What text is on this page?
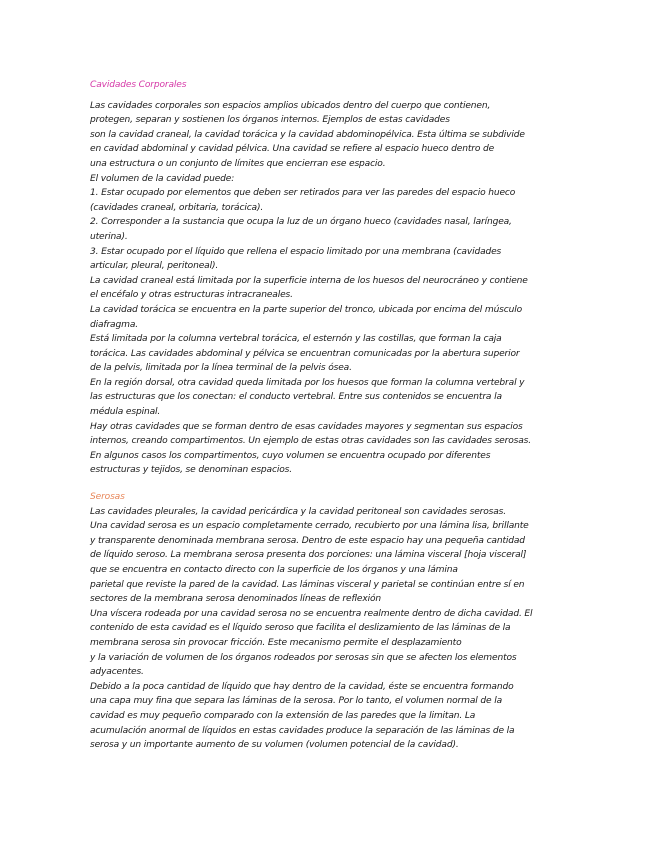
Cavidades Corporales
Las cavidades corporales son espacios amplios ubicados dentro del cuerpo que contienen,
protegen, separan y sostienen los órganos internos. Ejemplos de estas cavidades
son la cavidad craneal, la cavidad torácica y la cavidad abdominopélvica. Esta última se subdivide
en cavidad abdominal y cavidad pélvica. Una cavidad se refiere al espacio hueco dentro de
una estructura o un conjunto de límites que encierran ese espacio.
El volumen de la cavidad puede:
1. Estar ocupado por elementos que deben ser retirados para ver las paredes del espacio hueco
(cavidades craneal, orbitaria, torácica).
2. Corresponder a la sustancia que ocupa la luz de un órgano hueco (cavidades nasal, laríngea,
uterina).
3. Estar ocupado por el líquido que rellena el espacio limitado por una membrana (cavidades
articular, pleural, peritoneal).
La cavidad craneal está limitada por la superficie interna de los huesos del neurocráneo y contiene
el encéfalo y otras estructuras intracraneales.
La cavidad torácica se encuentra en la parte superior del tronco, ubicada por encima del músculo
diafragma.
Está limitada por la columna vertebral torácica, el esternón y las costillas, que forman la caja
torácica. Las cavidades abdominal y pélvica se encuentran comunicadas por la abertura superior
de la pelvis, limitada por la línea terminal de la pelvis ósea.
En la región dorsal, otra cavidad queda limitada por los huesos que forman la columna vertebral y
las estructuras que los conectan: el conducto vertebral. Entre sus contenidos se encuentra la
médula espinal.
Hay otras cavidades que se forman dentro de esas cavidades mayores y segmentan sus espacios
internos, creando compartimentos. Un ejemplo de estas otras cavidades son las cavidades serosas.
En algunos casos los compartimentos, cuyo volumen se encuentra ocupado por diferentes
estructuras y tejidos, se denominan espacios.
Serosas
Las cavidades pleurales, la cavidad pericárdica y la cavidad peritoneal son cavidades serosas.
Una cavidad serosa es un espacio completamente cerrado, recubierto por una lámina lisa, brillante
y transparente denominada membrana serosa. Dentro de este espacio hay una pequeña cantidad
de líquido seroso. La membrana serosa presenta dos porciones: una lámina visceral [hoja visceral]
que se encuentra en contacto directo con la superficie de los órganos y una lámina
parietal que reviste la pared de la cavidad. Las láminas visceral y parietal se continúan entre sí en
sectores de la membrana serosa denominados líneas de reflexión
Una víscera rodeada por una cavidad serosa no se encuentra realmente dentro de dicha cavidad. El
contenido de esta cavidad es el líquido seroso que facilita el deslizamiento de las láminas de la
membrana serosa sin provocar fricción. Este mecanismo permite el desplazamiento
y la variación de volumen de los órganos rodeados por serosas sin que se afecten los elementos
adyacentes.
Debido a la poca cantidad de líquido que hay dentro de la cavidad, éste se encuentra formando
una capa muy fina que separa las láminas de la serosa. Por lo tanto, el volumen normal de la
cavidad es muy pequeño comparado con la extensión de las paredes que la limitan. La
acumulación anormal de líquidos en estas cavidades produce la separación de las láminas de la
serosa y un importante aumento de su volumen (volumen potencial de la cavidad).
